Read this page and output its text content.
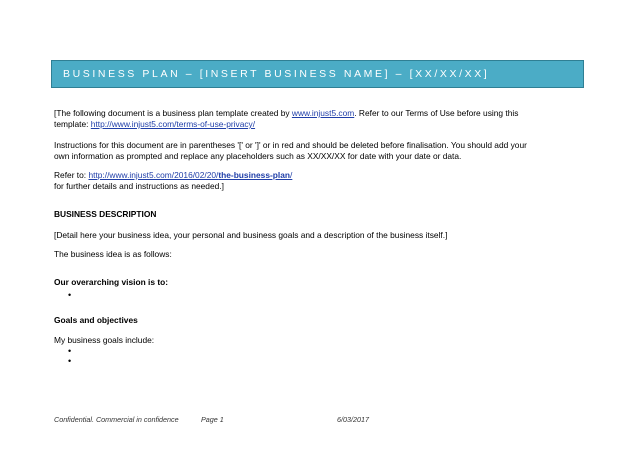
BUSINESS PLAN – [INSERT BUSINESS NAME] – [XX/XX/XX]
[The following document is a business plan template created by www.injust5.com. Refer to our Terms of Use before using this
template: http://www.injust5.com/terms-of-use-privacy/
Instructions for this document are in parentheses '[' or ']' or in red and should be deleted before finalisation. You should add your
own information as prompted and replace any placeholders such as XX/XX/XX for date with your date or data.
Refer to: http://www.injust5.com/2016/02/20/the-business-plan/
for further details and instructions as needed.]
BUSINESS DESCRIPTION
[Detail here your business idea, your personal and business goals and a description of the business itself.]
The business idea is as follows:
Our overarching vision is to:
•
Goals and objectives
My business goals include:
•
•
Confidential. Commercial in confidence	Page 1	6/03/2017
